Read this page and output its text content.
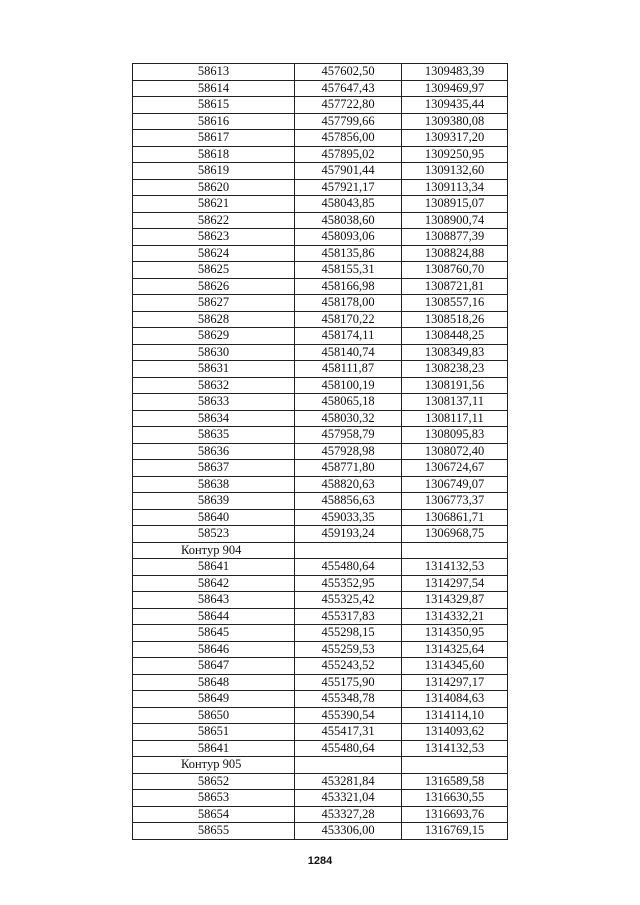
58613	457602,50	1309483,39
58614	457647,43	1309469,97
58615	457722,80	1309435,44
58616	457799,66	1309380,08
58617	457856,00	1309317,20
58618	457895,02	1309250,95
58619	457901,44	1309132,60
58620	457921,17	1309113,34
58621	458043,85	1308915,07
58622	458038,60	1308900,74
58623	458093,06	1308877,39
58624	458135,86	1308824,88
58625	458155,31	1308760,70
58626	458166,98	1308721,81
58627	458178,00	1308557,16
58628	458170,22	1308518,26
58629	458174,11	1308448,25
58630	458140,74	1308349,83
58631	458111,87	1308238,23
58632	458100,19	1308191,56
58633	458065,18	1308137,11
58634	458030,32	1308117,11
58635	457958,79	1308095,83
58636	457928,98	1308072,40
58637	458771,80	1306724,67
58638	458820,63	1306749,07
58639	458856,63	1306773,37
58640	459033,35	1306861,71
58523	459193,24	1306968,75
Контур 904		
58641	455480,64	1314132,53
58642	455352,95	1314297,54
58643	455325,42	1314329,87
58644	455317,83	1314332,21
58645	455298,15	1314350,95
58646	455259,53	1314325,64
58647	455243,52	1314345,60
58648	455175,90	1314297,17
58649	455348,78	1314084,63
58650	455390,54	1314114,10
58651	455417,31	1314093,62
58641	455480,64	1314132,53
Контур 905		
58652	453281,84	1316589,58
58653	453321,04	1316630,55
58654	453327,28	1316693,76
58655	453306,00	1316769,15
1284
